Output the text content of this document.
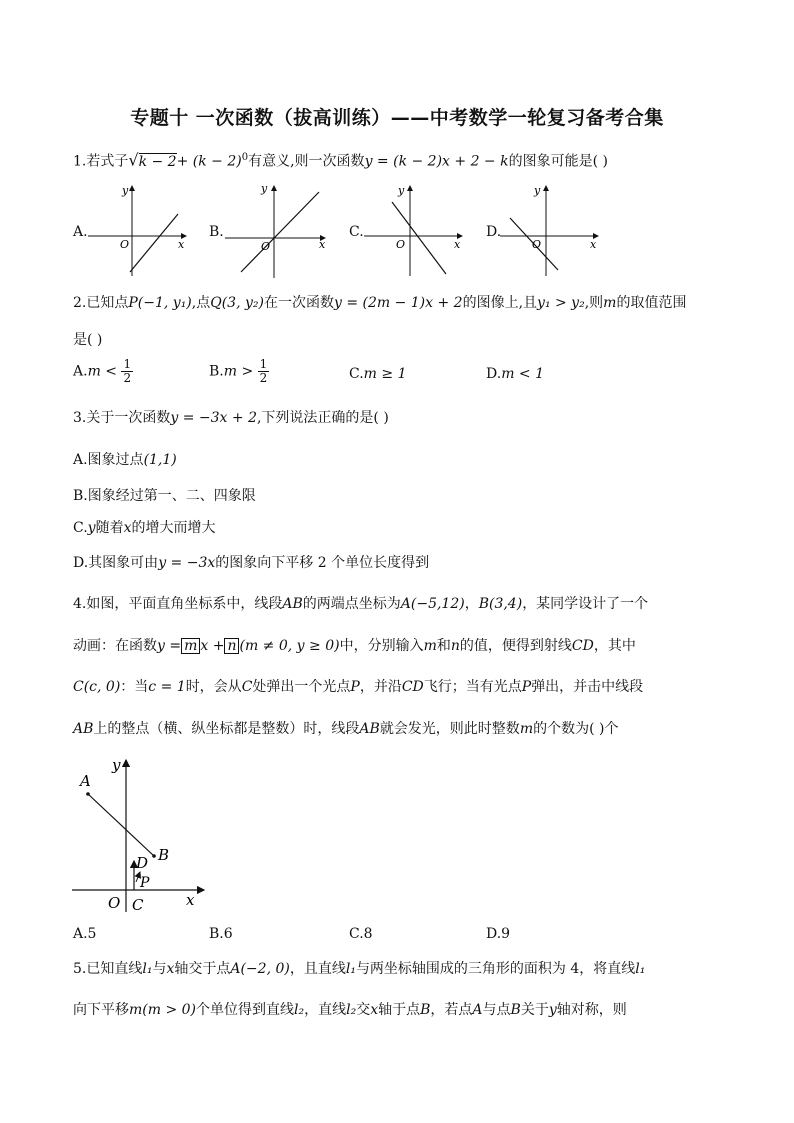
专题十 一次函数（拔高训练）——中考数学一轮复习备考合集
1.若式子$√k - 2+ (k - 2)^0$有意义,则一次函数y = (k − 2)x + 2 − k的图象可能是( )
A.	B.	C.	D.
y
x
O
y
x
O
y
x
O
y
x
O
2.已知点P(−1, y₁),点Q(3, y₂)在一次函数y = (2m − 1)x + 2的图像上,且y₁ > y₂,则m的取值范围
是( )
$A.m < \frac{1}{2}$	$B.m > \frac{1}{2}$	C.m ≥ 1	D.m < 1
3.关于一次函数y = −3x + 2,下列说法正确的是( )
A.图象过点(1,1)
B.图象经过第一、二、四象限
C.y随着x的增大而增大
D.其图象可由y = −3x的图象向下平移 2 个单位长度得到
4.如图，平面直角坐标系中，线段AB的两端点坐标为A(−5,12)，B(3,4)，某同学设计了一个
动画：在函数y = m x + n (m ≠ 0, y ≥ 0)中，分别输入m和n的值，便得到射线CD，其中
C(c, 0)：当c = 1时，会从C处弹出一个光点P，并沿CD飞行；当有光点P弹出，并击中线段
AB上的整点（横、纵坐标都是整数）时，线段AB就会发光，则此时整数m的个数为( )个
A
B
D
P
O C	x
y
A.5	B.6	C.8	D.9
5.已知直线l₁与x轴交于点A(−2, 0)，且直线l₁与两坐标轴围成的三角形的面积为 4，将直线l₁
向下平移m(m > 0)个单位得到直线l₂，直线l₂交x轴于点B，若点A与点B关于y轴对称，则
